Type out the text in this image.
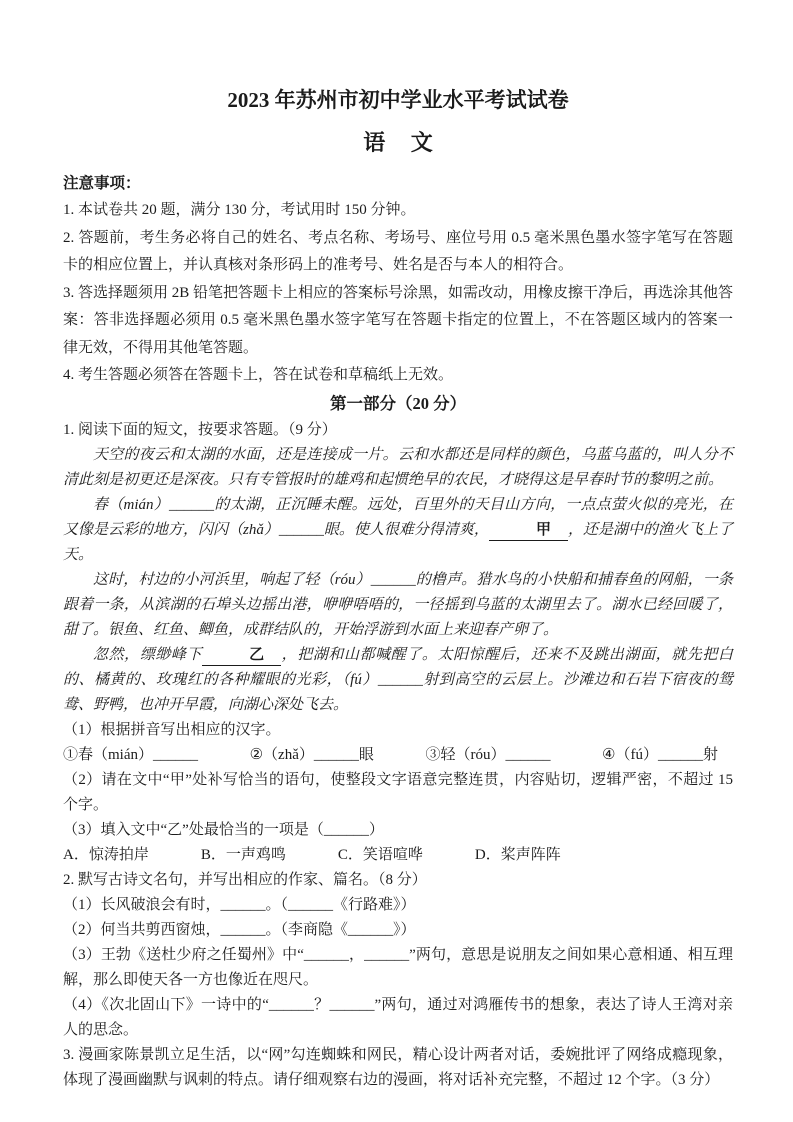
2023 年苏州市初中学业水平考试试卷
语 文
注意事项：

1. 本试卷共 20 题，满分 130 分，考试用时 150 分钟。

2. 答题前，考生务必将自己的姓名、考点名称、考场号、座位号用 0.5 毫米黑色墨水签字笔写在答题卡的相应位置上，并认真核对条形码上的准考号、姓名是否与本人的相符合。

3. 答选择题须用 2B 铅笔把答题卡上相应的答案标号涂黑，如需改动，用橡皮擦干净后，再选涂其他答案：答非选择题必须用 0.5 毫米黑色墨水签字笔写在答题卡指定的位置上，不在答题区域内的答案一律无效，不得用其他笔答题。

4. 考生答题必须答在答题卡上，答在试卷和草稿纸上无效。

第一部分（20 分）

1. 阅读下面的短文，按要求答题。（9 分）

天空的夜云和太湖的水面，还是连接成一片。云和水都还是同样的颜色，乌蓝乌蓝的，叫人分不清此刻是初更还是深夜。只有专管报时的雄鸡和起惯绝早的农民，才晓得这是早春时节的黎明之前。

春（mián）______的太湖，正沉睡未醒。远处，百里外的天目山方向，一点点萤火似的亮光，在又像是云彩的地方，闪闪（zhǎ）______眼。使人很难分得清爽，	甲 ，还是湖中的渔火飞上了天。

这时，村边的小河浜里，响起了轻（róu）______的橹声。猎水鸟的小快船和捕春鱼的网船，一条跟着一条，从滨湖的石埠头边摇出港，咿咿唔唔的，一径摇到乌蓝的太湖里去了。湖水已经回暖了，甜了。银鱼、红鱼、鲫鱼，成群结队的，开始浮游到水面上来迎春产卵了。

忽然，缥缈峰下	乙 ，把湖和山都喊醒了。太阳惊醒后，还来不及跳出湖面，就先把白的、橘黄的、玫瑰红的各种耀眼的光彩，（fú）______射到高空的云层上。沙滩边和石岩下宿夜的鸳鸯、野鸭，也冲开早霞，向湖心深处飞去。

（1）根据拼音写出相应的汉字。

①春（mián）______	②（zhǎ）______眼	③轻（róu）______	④（fú）______射

（2）请在文中“甲”处补写恰当的语句，使整段文字语意完整连贯，内容贴切，逻辑严密，不超过 15 个字。

（3）填入文中“乙”处最恰当的一项是（______）

A．惊涛拍岸	B．一声鸡鸣	C．笑语喧哗	D．桨声阵阵

2. 默写古诗文名句，并写出相应的作家、篇名。（8 分）

（1）长风破浪会有时，______。（______《行路难》）

（2）何当共剪西窗烛，______。（李商隐《______》）

（3）王勃《送杜少府之任蜀州》中“______，______”两句，意思是说朋友之间如果心意相通、相互理解，那么即使天各一方也像近在咫尺。

（4）《次北固山下》一诗中的“______？______”两句，通过对鸿雁传书的想象，表达了诗人王湾对亲人的思念。

3. 漫画家陈景凯立足生活，以“网”勾连蜘蛛和网民，精心设计两者对话，委婉批评了网络成瘾现象，体现了漫画幽默与讽刺的特点。请仔细观察右边的漫画，将对话补充完整，不超过 12 个字。（3 分）
